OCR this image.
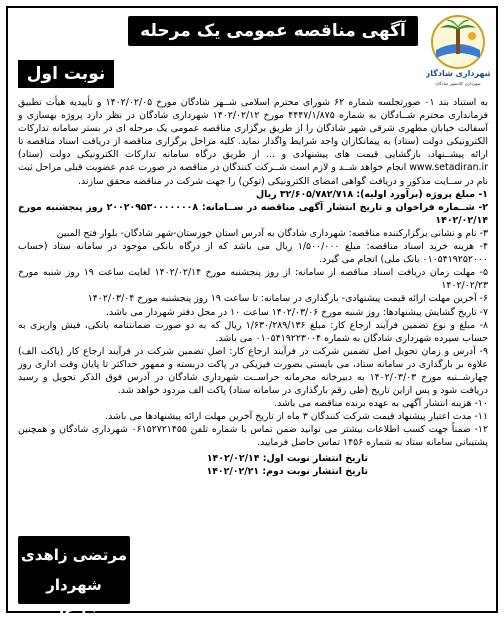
آگهی مناقصه عمومی یک مرحله ای
نوبت اول	شهرداری شادگان
شهرداری کلانشهر شادگان

به استناد بند ۰۱ صورتجلسه شماره ۶۲ شورای محترم اسلامی شــهر شادگان مورخ ۱۴۰۲/۰۲/۰۵ و تأییدیه هیأت تطبیق فرمانداری محترم شــادگان به شماره ۴۴۴۷/۱/۸۷۵ مورخ ۱۴۰۲/۰۲/۱۲ شهرداری شادگان در نظر دارد پروژه بهسازی و آسفالت خیابان مطهری شرقی شهر شادگان را از طریق برگزاری مناقصه عمومی یک مرحله ای در بستر سامانه تدارکات الکترونیکی دولت (ستاد) به پیمانکاران واجد شرایط واگذار نماید. کلیه مراحل برگزاری مناقصه از دریافت اسناد مناقصه تا ارائه پیشــنهاد، بازگشایی قیمت های پیشنهادی و ... از طریق درگاه سامانه تدارکات الکترونیکی دولت (ستاد) www.setadiran.ir انجام خواهد شــد و لازم است شــرکت کنندگان در مناقصه در صورت عدم عضویت قبلی مراحل ثبت نام در ســایت مذکور و دریافت گواهی امضای الکترونیکی (توکن) را جهت شرکت در مناقصه محقق سازند.

۱- مبلغ پروژه (برآورد اولیه): ۳۲/۶۰۵/۷۸۲/۷۱۸ ریال

۲- شــماره فراخوان و تاریخ انتشار آگهی مناقصه در ســامانه: ۲۰۰۲۰۹۵۳۰۰۰۰۰۰۰۸ روز پنجشنبه مورخ ۱۴۰۲/۰۲/۱۴

۳- نام و نشانی برگزارکننده مناقصه: شهرداری شادگان به آدرس استان خوزستان-شهر شادگان- بلوار فتح المبین

۴- هزینه خرید اسناد مناقصه: مبلغ ۱/۵۰۰/۰۰۰ ریال می باشد که از درگاه بانکی موجود در سامانه ستاد (حساب ۰۱۰۵۴۱۹۲۵۲۰۰۰ بانک ملی) انجام می گیرد.

۵- مهلت زمان دریافت اسناد مناقصه از سامانه: از روز پنجشنبه مورخ ۱۴۰۲/۰۲/۱۴ لغایت ساعت ۱۹ روز شنبه مورخ ۱۴۰۲/۰۲/۲۳

۶- آخرین مهلت ارائه قیمت پیشنهادی- بارگذاری در سامانه: تا ساعت ۱۹ روز پنجشنبه مورخ ۱۴۰۲/۰۳/۰۴

۷- تاریخ گشایش پیشنهادها: روز شنبه مورخ ۱۴۰۲/۰۳/۰۶ ساعت ۱۰ در محل دفتر شهردار می باشد.

۸- مبلغ و نوع تضمین فرآیند ارجاع کار: مبلغ ۱/۶۳۰/۲۸۹/۱۳۶ ریال که به دو صورت ضمانتنامه بانکی، فیش واریزی به حساب سپرده شهرداری شادگان به شماره ۰۱۰۵۴۱۹۲۲۳۰۰۴ می باشد.

۹- آدرس و زمان تحویل اصل تضمین شرکت در فرآیند ارجاع کار: اصل تضمین شرکت در فرآیند ارجاع کار (پاکت الف) علاوه بر بارگذاری در سامانه ستاد، می بایستی بصورت فیزیکی در پاکت دربسته و ممهور حداکثر تا پایان وقت اداری روز چهارشــنبه مورخ ۱۴۰۲/۰۳/۰۳ به دبیرخانه محرمانه حراســت شهرداری شادگان در آدرس فوق الذکر تحویل و رسید دریافت شود و پس ازاین تاریخ (طی رقم بارگذاری در سامانه ستاد) پاکت الف مردود خواهد شد.

۱۰- هزینه انتشار آگهی به عهده برنده مناقصه می باشد.

۱۱- مدت اعتبار پیشنهاد قیمت شرکت کنندگان ۳ ماه از تاریخ آخرین مهلت ارائه پیشنهادها می باشد.

۱۲- ضمناً جهت کسب اطلاعات بیشتر می توانید ضمن تماس با شماره تلفن ۰۶۱۵۲۷۲۱۴۵۵ شهرداری شادگان و همچنین پشتیبانی سامانه ستاد به شماره ۱۴۵۶ تماس حاصل فرمایید.

تاریخ انتشار نوبت اول: ۱۴۰۲/۰۲/۱۴

تاریخ انتشار نوبت دوم: ۱۴۰۲/۰۲/۲۱

مرتضی زاهدی
شهردار شادگان
